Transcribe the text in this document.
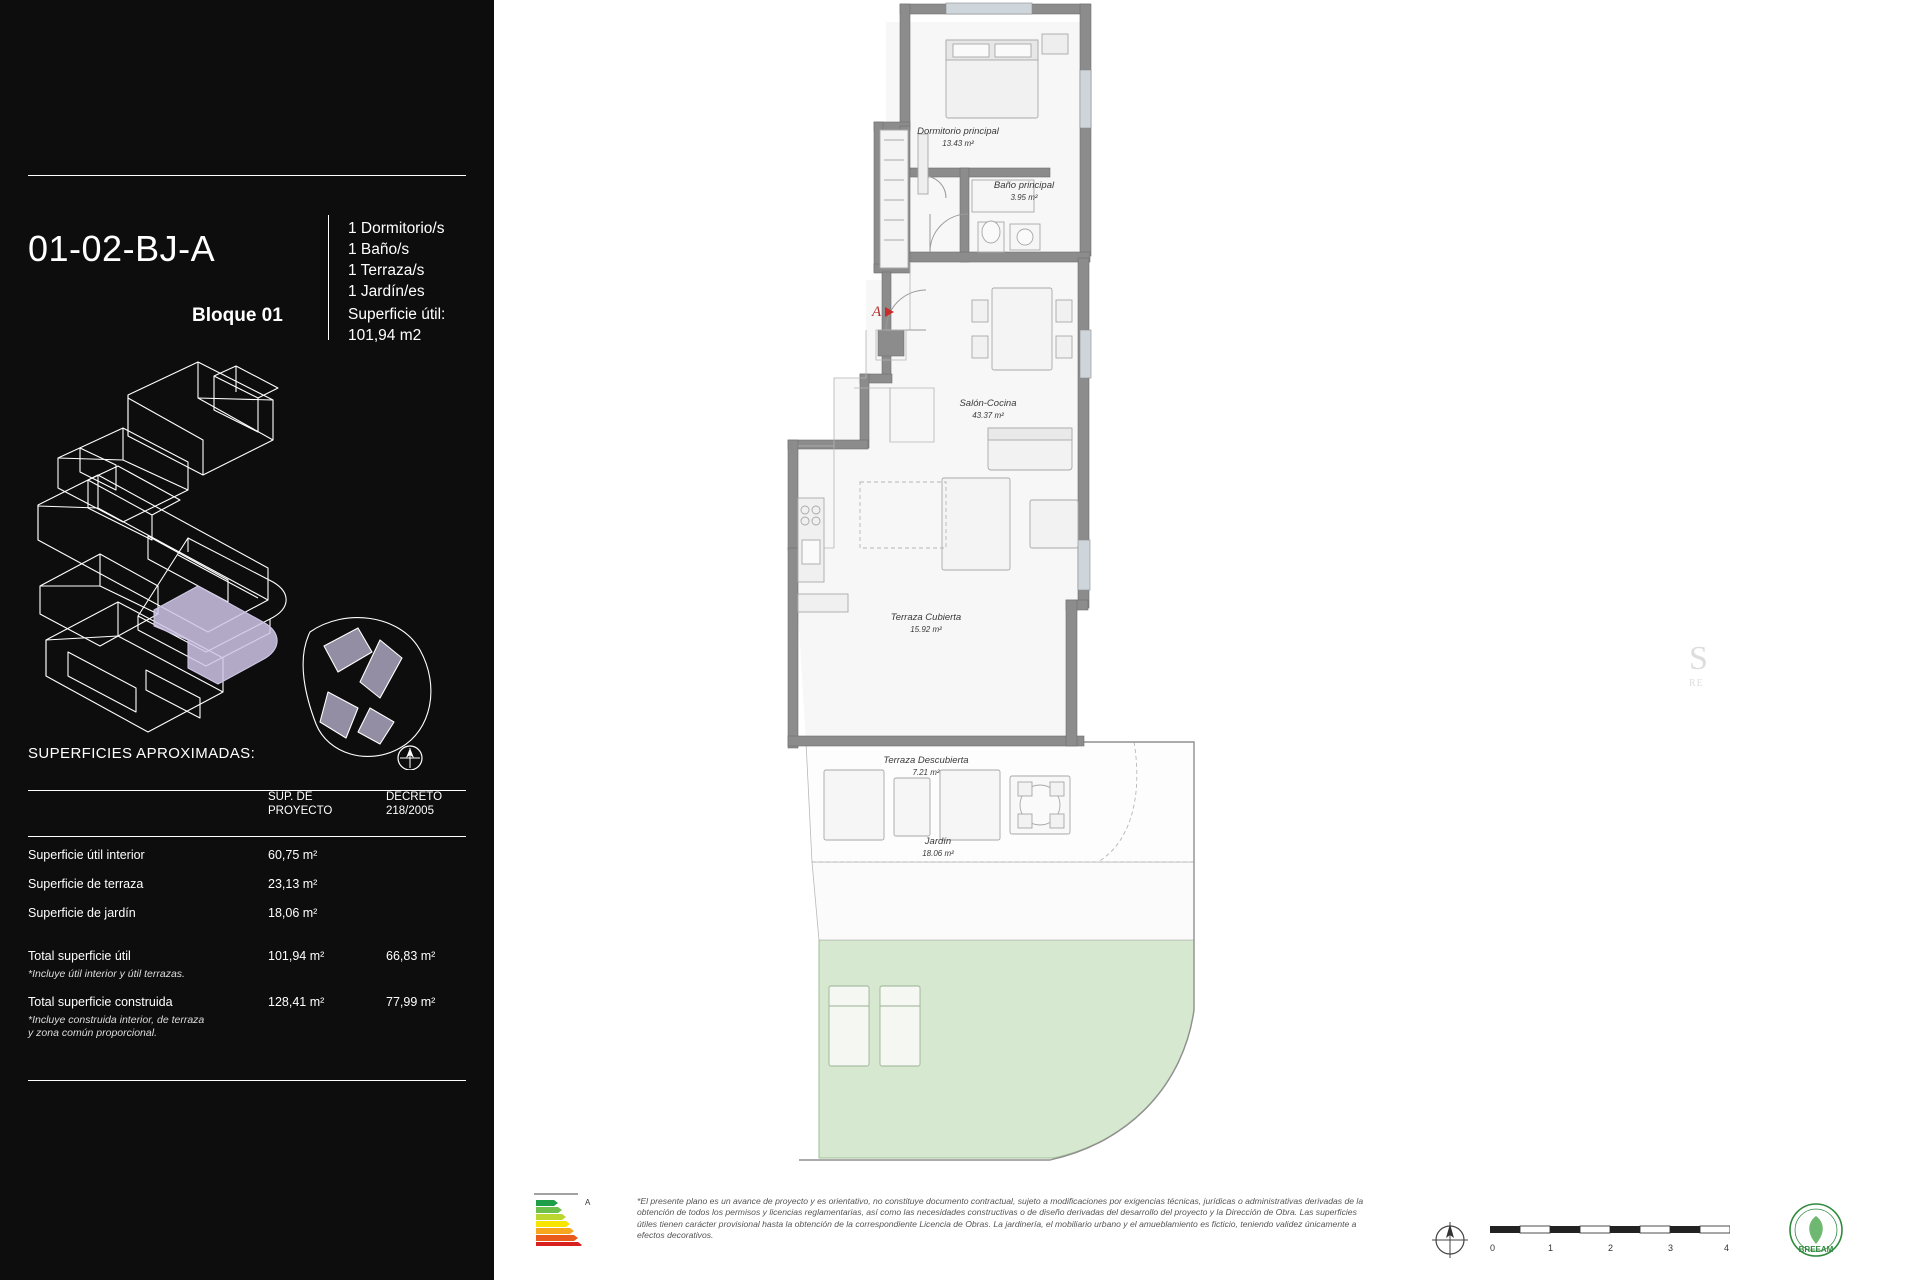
01-02-BJ-A
Bloque 01
1 Dormitorio/s
1 Baño/s
1 Terraza/s
1 Jardín/es
Superficie útil:
101,94 m2
SUPERFICIES APROXIMADAS:
SUP. DE
PROYECTO
DECRETO
218/2005
Superficie útil interior	60,75 m²
Superficie de terraza	23,13 m²
Superficie de jardín	18,06 m²
Total superficie útil	101,94 m²	66,83 m²
*Incluye útil interior y útil terrazas.
Total superficie construida	128,41 m²	77,99 m²
*Incluye construida interior, de terraza y zona común proporcional.
A
Dormitorio principal
13.43 m²
Baño principal
3.95 m²
Salón-Cocina
43.37 m²
Terraza Cubierta
15.92 m²
Terraza Descubierta
7.21 m²
Jardín
18.06 m²
S
RE
A	*El presente plano es un avance de proyecto y es orientativo, no constituye documento contractual, sujeto a modificaciones por exigencias técnicas, jurídicas o administrativas derivadas de la obtención de todos los permisos y licencias reglamentarias, así como las necesidades constructivas o de diseño derivadas del desarrollo del proyecto y la Dirección de Obra. Las superficies útiles tienen carácter provisional hasta la obtención de la correspondiente Licencia de Obras. La jardinería, el mobiliario urbano y el amueblamiento es ficticio, teniendo validez únicamente a efectos decorativos.
0	1	2	3	4	BREEAM
